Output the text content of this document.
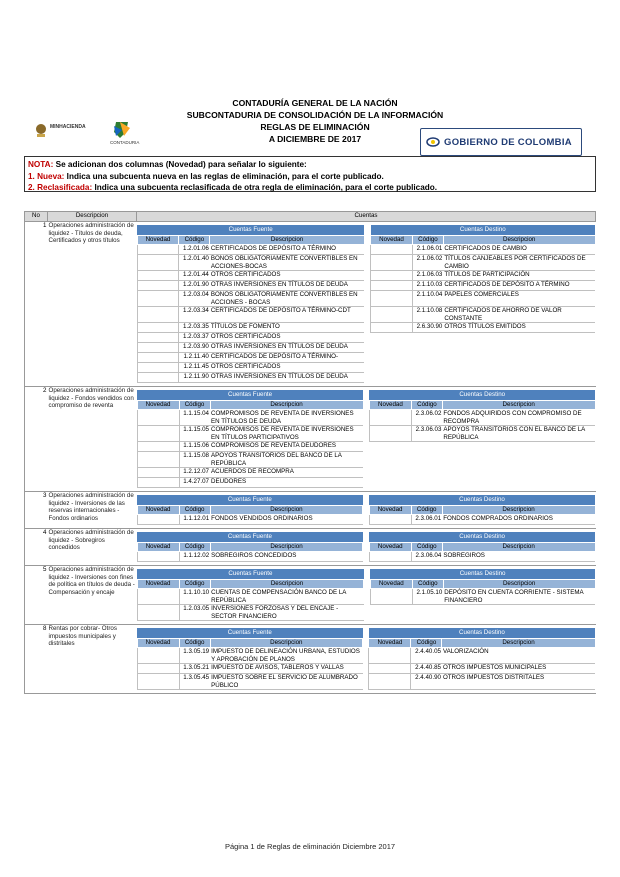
MINHACIENDA
CONTADURIA	GOBIERNO DE COLOMBIA
CONTADURÍA GENERAL DE LA NACIÓN
SUBCONTADURIA DE CONSOLIDACIÓN DE LA INFORMACIÓN
REGLAS DE ELIMINACIÓN
A DICIEMBRE DE 2017
NOTA: Se adicionan dos columnas (Novedad) para señalar lo siguiente:
1. Nueva: Indica una subcuenta nueva en las reglas de eliminación, para el corte publicado.
2. Reclasificada: Indica una subcuenta reclasificada de otra regla de eliminación, para el corte publicado.
No	Descripcion	Cuentas
1	Operaciones administración de liquidez - Títulos de deuda, Certificados y otros títulos	

Cuentas Fuente		Cuentas Destino
Novedad	Código	Descripcion		Novedad	Código	Descripcion
	1.2.01.06	CERTIFICADOS DE DEPÓSITO A TÉRMINO			2.1.06.01	CERTIFICADOS DE CAMBIO
	1.2.01.40	BONOS OBLIGATORIAMENTE CONVERTIBLES EN ACCIONES-BOCAS			2.1.06.02	TÍTULOS CANJEABLES POR CERTIFICADOS DE CAMBIO
	1.2.01.44	OTROS CERTIFICADOS			2.1.06.03	TÍTULOS DE PARTICIPACIÓN
	1.2.01.90	OTRAS INVERSIONES EN TÍTULOS DE DEUDA			2.1.10.03	CERTIFICADOS DE DEPÓSITO A TÉRMINO
	1.2.03.04	BONOS OBLIGATORIAMENTE CONVERTIBLES EN ACCIONES - BOCAS			2.1.10.04	PAPELES COMERCIALES
	1.2.03.34	CERTIFICADOS DE DEPÓSITO A TÉRMINO-CDT			2.1.10.08	CERTIFICADOS DE AHORRO DE VALOR CONSTANTE
	1.2.03.35	TÍTULOS DE FOMENTO			2.6.30.90	OTROS TÍTULOS EMITIDOS
	1.2.03.37	OTROS CERTIFICADOS		
	1.2.03.90	OTRAS INVERSIONES EN TÍTULOS DE DEUDA		
	1.2.11.40	CERTIFICADOS DE DEPÓSITO A TÉRMINO-		
	1.2.11.45	OTROS CERTIFICADOS		
	1.2.11.90	OTRAS INVERSIONES EN TÍTULOS DE DEUDA		

2	Operaciones administración de liquidez - Fondos vendidos con compromiso de reventa	

Cuentas Fuente		Cuentas Destino
Novedad	Código	Descripcion		Novedad	Código	Descripcion
	1.1.15.04	COMPROMISOS DE REVENTA DE INVERSIONES EN TÍTULOS DE DEUDA			2.3.06.02	FONDOS ADQUIRIDOS CON COMPROMISO DE RECOMPRA
	1.1.15.05	COMPROMISOS DE REVENTA DE INVERSIONES EN TÍTULOS PARTICIPATIVOS			2.3.06.03	APOYOS TRANSITORIOS CON EL BANCO DE LA REPÚBLICA
	1.1.15.06	COMPROMISOS DE REVENTA DEUDORES		
	1.1.15.08	APOYOS TRANSITORIOS DEL BANCO DE LA REPÚBLICA		
	1.2.12.07	ACUERDOS DE RECOMPRA		
	1.4.27.07	DEUDORES		

3	Operaciones administración de liquidez - Inversiones de las reservas internacionales - Fondos ordinarios	

Cuentas Fuente		Cuentas Destino
Novedad	Código	Descripcion		Novedad	Código	Descripcion
	1.1.12.01	FONDOS VENDIDOS ORDINARIOS			2.3.06.01	FONDOS COMPRADOS ORDINARIOS

4	Operaciones administración de liquidez - Sobregiros concedidos	

Cuentas Fuente		Cuentas Destino
Novedad	Código	Descripcion		Novedad	Código	Descripcion
	1.1.12.02	SOBREGIROS CONCEDIDOS			2.3.06.04	SOBREGIROS

5	Operaciones administración de liquidez - Inversiones con fines de política en títulos de deuda - Compensación y encaje	

Cuentas Fuente		Cuentas Destino
Novedad	Código	Descripcion		Novedad	Código	Descripcion
	1.1.10.10	CUENTAS DE COMPENSACIÓN BANCO DE LA REPÚBLICA			2.1.05.10	DEPÓSITO EN CUENTA CORRIENTE - SISTEMA FINANCIERO
	1.2.03.05	INVERSIONES FORZOSAS Y DEL ENCAJE - SECTOR FINANCIERO		

8	Rentas por cobrar- Otros impuestos municipales y distritales	

Cuentas Fuente		Cuentas Destino
Novedad	Código	Descripcion		Novedad	Código	Descripcion
	1.3.05.19	IMPUESTO DE DELINEACIÓN URBANA, ESTUDIOS Y APROBACIÓN DE PLANOS			2.4.40.05	VALORIZACIÓN
	1.3.05.21	IMPUESTO DE AVISOS, TABLEROS Y VALLAS			2.4.40.85	OTROS IMPUESTOS MUNICIPALES
	1.3.05.45	IMPUESTO SOBRE EL SERVICIO DE ALUMBRADO PÚBLICO			2.4.40.90	OTROS IMPUESTOS DISTRITALES

Página 1 de Reglas de eliminación Diciembre 2017
